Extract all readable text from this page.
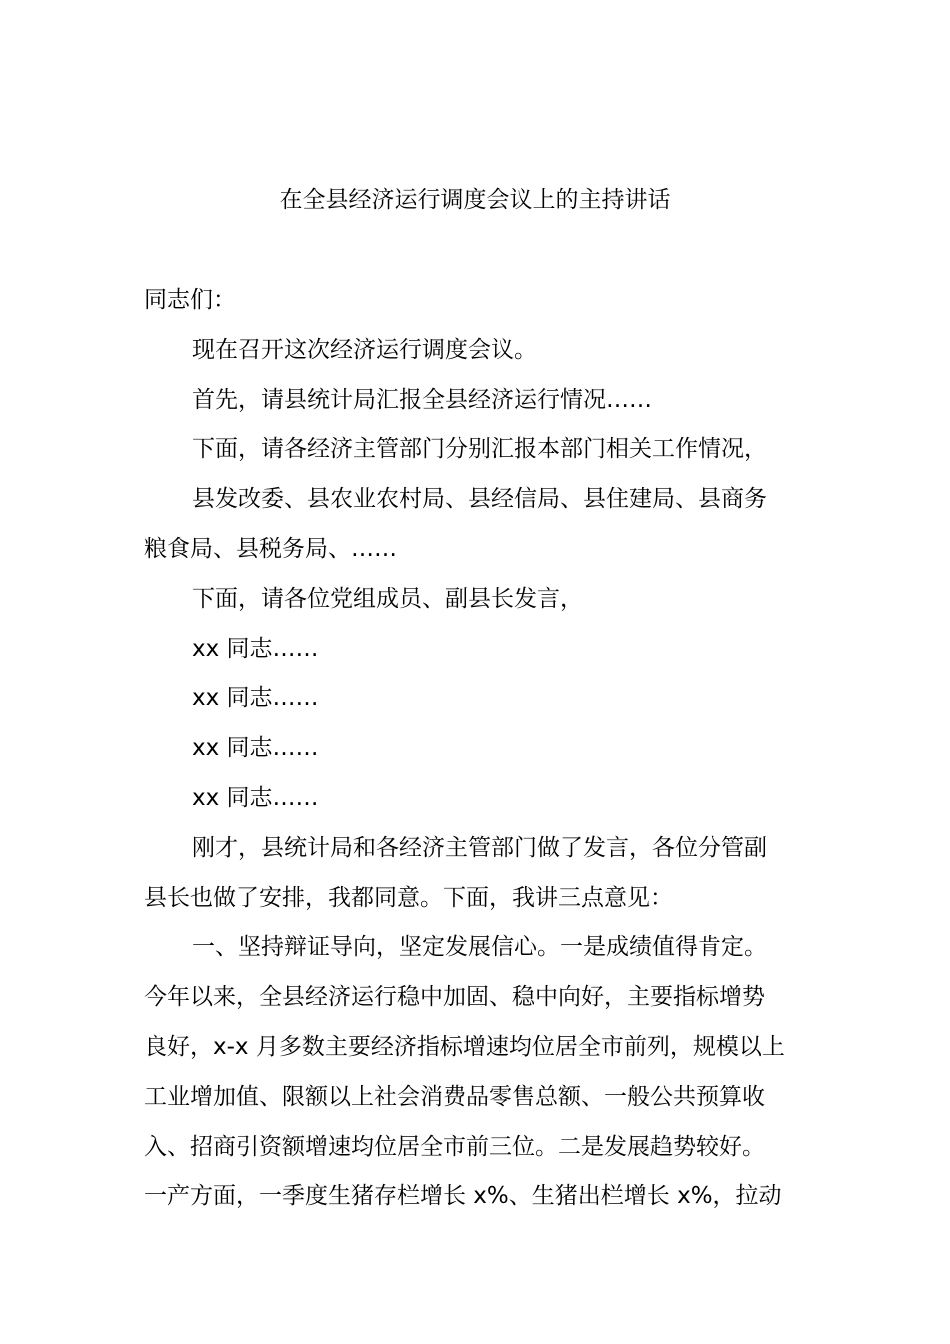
在全县经济运行调度会议上的主持讲话
同志们：
现在召开这次经济运行调度会议。
首先，请县统计局汇报全县经济运行情况……
下面，请各经济主管部门分别汇报本部门相关工作情况，
县发改委、县农业农村局、县经信局、县住建局、县商务
粮食局、县税务局、……
下面，请各位党组成员、副县长发言，
xx 同志……
xx 同志……
xx 同志……
xx 同志……
刚才，县统计局和各经济主管部门做了发言，各位分管副
县长也做了安排，我都同意。下面，我讲三点意见：
一、坚持辩证导向，坚定发展信心。一是成绩值得肯定。
今年以来，全县经济运行稳中加固、稳中向好，主要指标增势
良好，x-x 月多数主要经济指标增速均位居全市前列，规模以上
工业增加值、限额以上社会消费品零售总额、一般公共预算收
入、招商引资额增速均位居全市前三位。二是发展趋势较好。
一产方面，一季度生猪存栏增长 x%、生猪出栏增长 x%，拉动
